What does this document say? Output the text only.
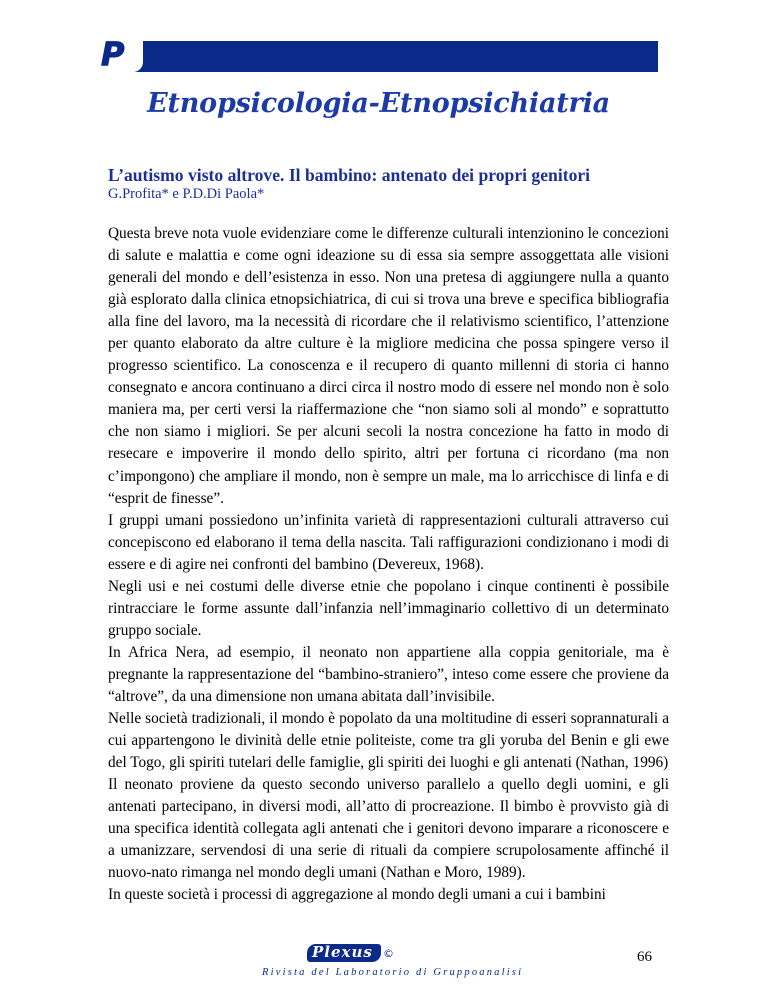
P
Etnopsicologia-Etnopsichiatria
L’autismo visto altrove. Il bambino: antenato dei propri genitori
G.Profita* e P.D.Di Paola*

Questa breve nota vuole evidenziare come le differenze culturali intenzionino le concezioni di salute e malattia e come ogni ideazione su di essa sia sempre assoggettata alle visioni generali del mondo e dell’esistenza in esso. Non una pretesa di aggiungere nulla a quanto già esplorato dalla clinica etnopsichiatrica, di cui si trova una breve e specifica bibliografia alla fine del lavoro, ma la necessità di ricordare che il relativismo scientifico, l’attenzione per quanto elaborato da altre culture è la migliore medicina che possa spingere verso il progresso scientifico. La conoscenza e il recupero di quanto millenni di storia ci hanno consegnato e ancora continuano a dirci circa il nostro modo di essere nel mondo non è solo maniera ma, per certi versi la riaffermazione che “non siamo soli al mondo” e soprattutto che non siamo i migliori. Se per alcuni secoli la nostra concezione ha fatto in modo di resecare e impoverire il mondo dello spirito, altri per fortuna ci ricordano (ma non c’impongono) che ampliare il mondo, non è sempre un male, ma lo arricchisce di linfa e di “esprit de finesse”.

I gruppi umani possiedono un’infinita varietà di rappresentazioni culturali attraverso cui concepiscono ed elaborano il tema della nascita. Tali raffigurazioni condizionano i modi di essere e di agire nei confronti del bambino (Devereux, 1968).

Negli usi e nei costumi delle diverse etnie che popolano i cinque continenti è possibile rintracciare le forme assunte dall’infanzia nell’immaginario collettivo di un determinato gruppo sociale.

In Africa Nera, ad esempio, il neonato non appartiene alla coppia genitoriale, ma è pregnante la rappresentazione del “bambino-straniero”, inteso come essere che proviene da “altrove”, da una dimensione non umana abitata dall’invisibile.

Nelle società tradizionali, il mondo è popolato da una moltitudine di esseri soprannaturali a cui appartengono le divinità delle etnie politeiste, come tra gli yoruba del Benin e gli ewe del Togo, gli spiriti tutelari delle famiglie, gli spiriti dei luoghi e gli antenati (Nathan, 1996)

Il neonato proviene da questo secondo universo parallelo a quello degli uomini, e gli antenati partecipano, in diversi modi, all’atto di procreazione. Il bimbo è provvisto già di una specifica identità collegata agli antenati che i genitori devono imparare a riconoscere e a umanizzare, servendosi di una serie di rituali da compiere scrupolosamente affinché il nuovo-nato rimanga nel mondo degli umani (Nathan e Moro, 1989).

In queste società i processi di aggregazione al mondo degli umani a cui i bambini

Plexus ©
Rivista del Laboratorio di Gruppoanalisi
66
